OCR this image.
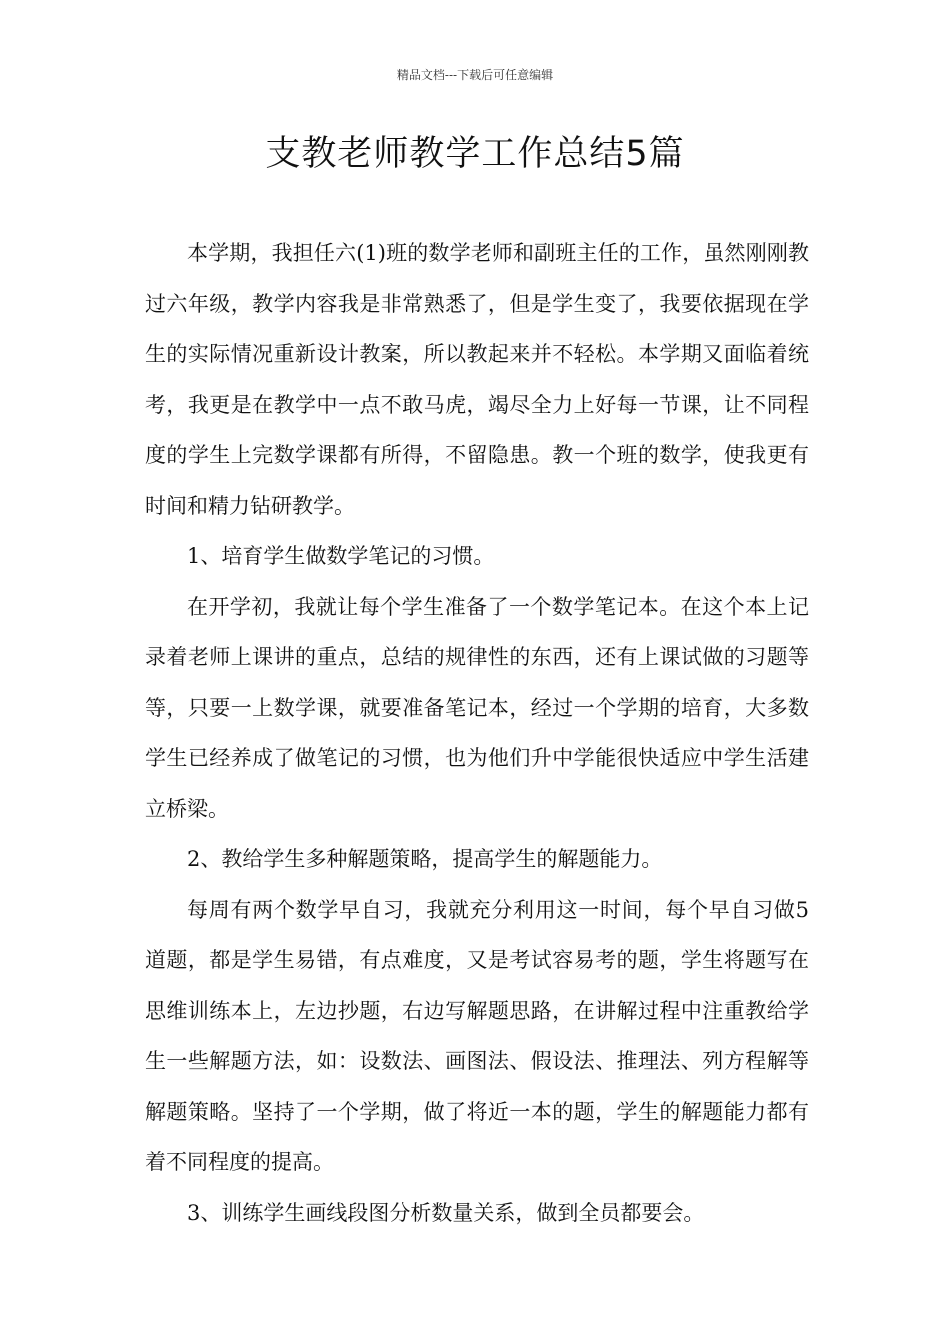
精品文档---下载后可任意编辑
支教老师教学工作总结5篇

本学期，我担任六(1)班的数学老师和副班主任的工作，虽然刚刚教过六年级，教学内容我是非常熟悉了，但是学生变了，我要依据现在学生的实际情况重新设计教案，所以教起来并不轻松。本学期又面临着统考，我更是在教学中一点不敢马虎，竭尽全力上好每一节课，让不同程度的学生上完数学课都有所得，不留隐患。教一个班的数学，使我更有时间和精力钻研教学。

1、培育学生做数学笔记的习惯。

在开学初，我就让每个学生准备了一个数学笔记本。在这个本上记录着老师上课讲的重点，总结的规律性的东西，还有上课试做的习题等等，只要一上数学课，就要准备笔记本，经过一个学期的培育，大多数学生已经养成了做笔记的习惯，也为他们升中学能很快适应中学生活建立桥梁。

2、教给学生多种解题策略，提高学生的解题能力。

每周有两个数学早自习，我就充分利用这一时间，每个早自习做5道题，都是学生易错，有点难度，又是考试容易考的题，学生将题写在思维训练本上，左边抄题，右边写解题思路，在讲解过程中注重教给学生一些解题方法，如：设数法、画图法、假设法、推理法、列方程解等解题策略。坚持了一个学期，做了将近一本的题，学生的解题能力都有着不同程度的提高。

3、训练学生画线段图分析数量关系，做到全员都要会。
